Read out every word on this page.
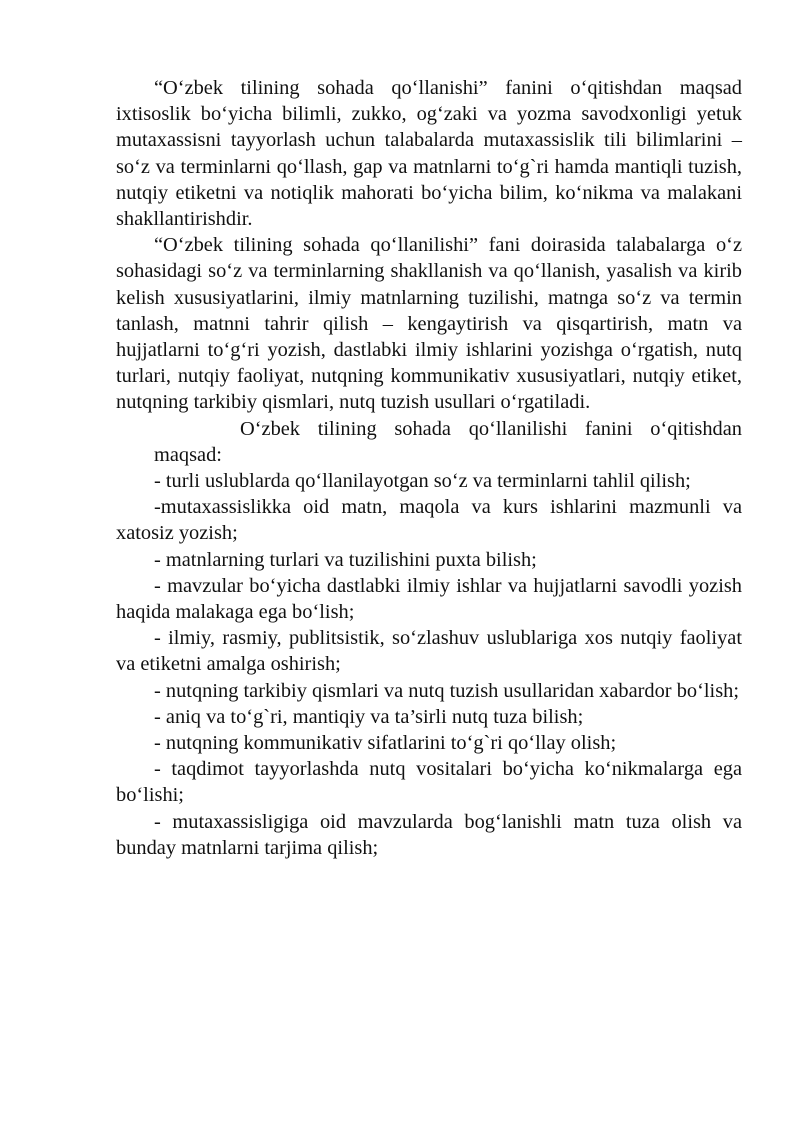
“O‘zbek tilining sohada qo‘llanishi” fanini o‘qitishdan maqsad ixtisoslik bo‘yicha bilimli, zukko, og‘zaki va yozma savodxonligi yetuk mutaxassisni tayyorlash uchun talabalarda mutaxassislik tili bilimlarini – so‘z va terminlarni qo‘llash, gap va matnlarni to‘g`ri hamda mantiqli tuzish, nutqiy etiketni va notiqlik mahorati bo‘yicha bilim, ko‘nikma va malakani shakllantirishdir.

“O‘zbek tilining sohada qo‘llanilishi” fani doirasida talabalarga o‘z sohasidagi so‘z va terminlarning shakllanish va qo‘llanish, yasalish va kirib kelish xususiyatlarini, ilmiy matnlarning tuzilishi, matnga so‘z va termin tanlash, matnni tahrir qilish – kengaytirish va qisqartirish, matn va hujjatlarni to‘g‘ri yozish, dastlabki ilmiy ishlarini yozishga o‘rgatish, nutq turlari, nutqiy faoliyat, nutqning kommunikativ xususiyatlari, nutqiy etiket, nutqning tarkibiy qismlari, nutq tuzish usullari o‘rgatiladi.

O‘zbek tilining sohada qo‘llanilishi fanini o‘qitishdan maqsad:

- turli uslublarda qo‘llanilayotgan so‘z va terminlarni tahlil qilish;

-mutaxassislikka oid matn, maqola va kurs ishlarini mazmunli va xatosiz yozish;

- matnlarning turlari va tuzilishini puxta bilish;

- mavzular bo‘yicha dastlabki ilmiy ishlar va hujjatlarni savodli yozish haqida malakaga ega bo‘lish;

- ilmiy, rasmiy, publitsistik, so‘zlashuv uslublariga xos nutqiy faoliyat va etiketni amalga oshirish;

- nutqning tarkibiy qismlari va nutq tuzish usullaridan xabardor bo‘lish;

- aniq va to‘g`ri, mantiqiy va ta’sirli nutq tuza bilish;

- nutqning kommunikativ sifatlarini to‘g`ri qo‘llay olish;

- taqdimot tayyorlashda nutq vositalari bo‘yicha ko‘nikmalarga ega bo‘lishi;

- mutaxassisligiga oid mavzularda bog‘lanishli matn tuza olish va bunday matnlarni tarjima qilish;
